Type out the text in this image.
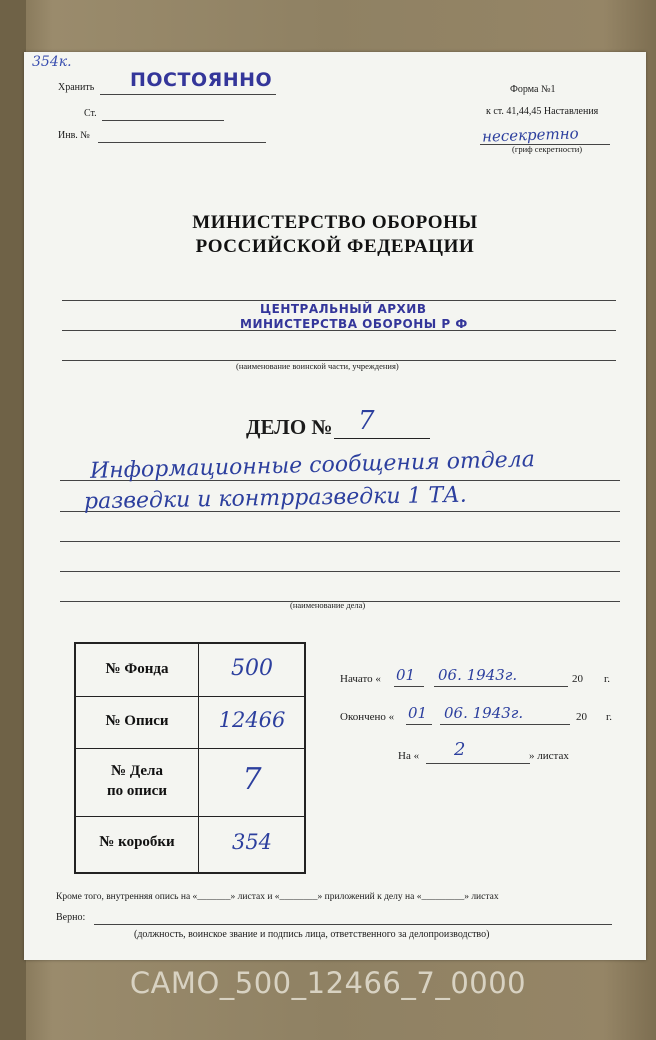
354к.
Хранить ПОСТОЯННО
Ст.
Инв. №
Форма №1
к ст. 41,44,45 Наставления
несекретно
(гриф секретности)
МИНИСТЕРСТВО ОБОРОНЫ
РОССИЙСКОЙ ФЕДЕРАЦИИ
ЦЕНТРАЛЬНЫЙ АРХИВ
МИНИСТЕРСТВА ОБОРОНЫ Р Ф
(наименование воинской части, учреждения)
ДЕЛО № 7
Информационные сообщения отдела
разведки и контрразведки 1 ТА.
(наименование дела)
Начато « 01 06. 1943г.	20 г.
Окончено « 01 06. 1943г.	20 г.
На « 2	» листах
Кроме того, внутренняя опись на «_______» листах и «________» приложений к делу на «_________» листах
Верно:
(должность, воинское звание и подпись лица, ответственного за делопроизводство)
№ Фонда	500
№ Описи	12466
№ Дела
по описи	7
№ коробки	354
CAMO_500_12466_7_0000
